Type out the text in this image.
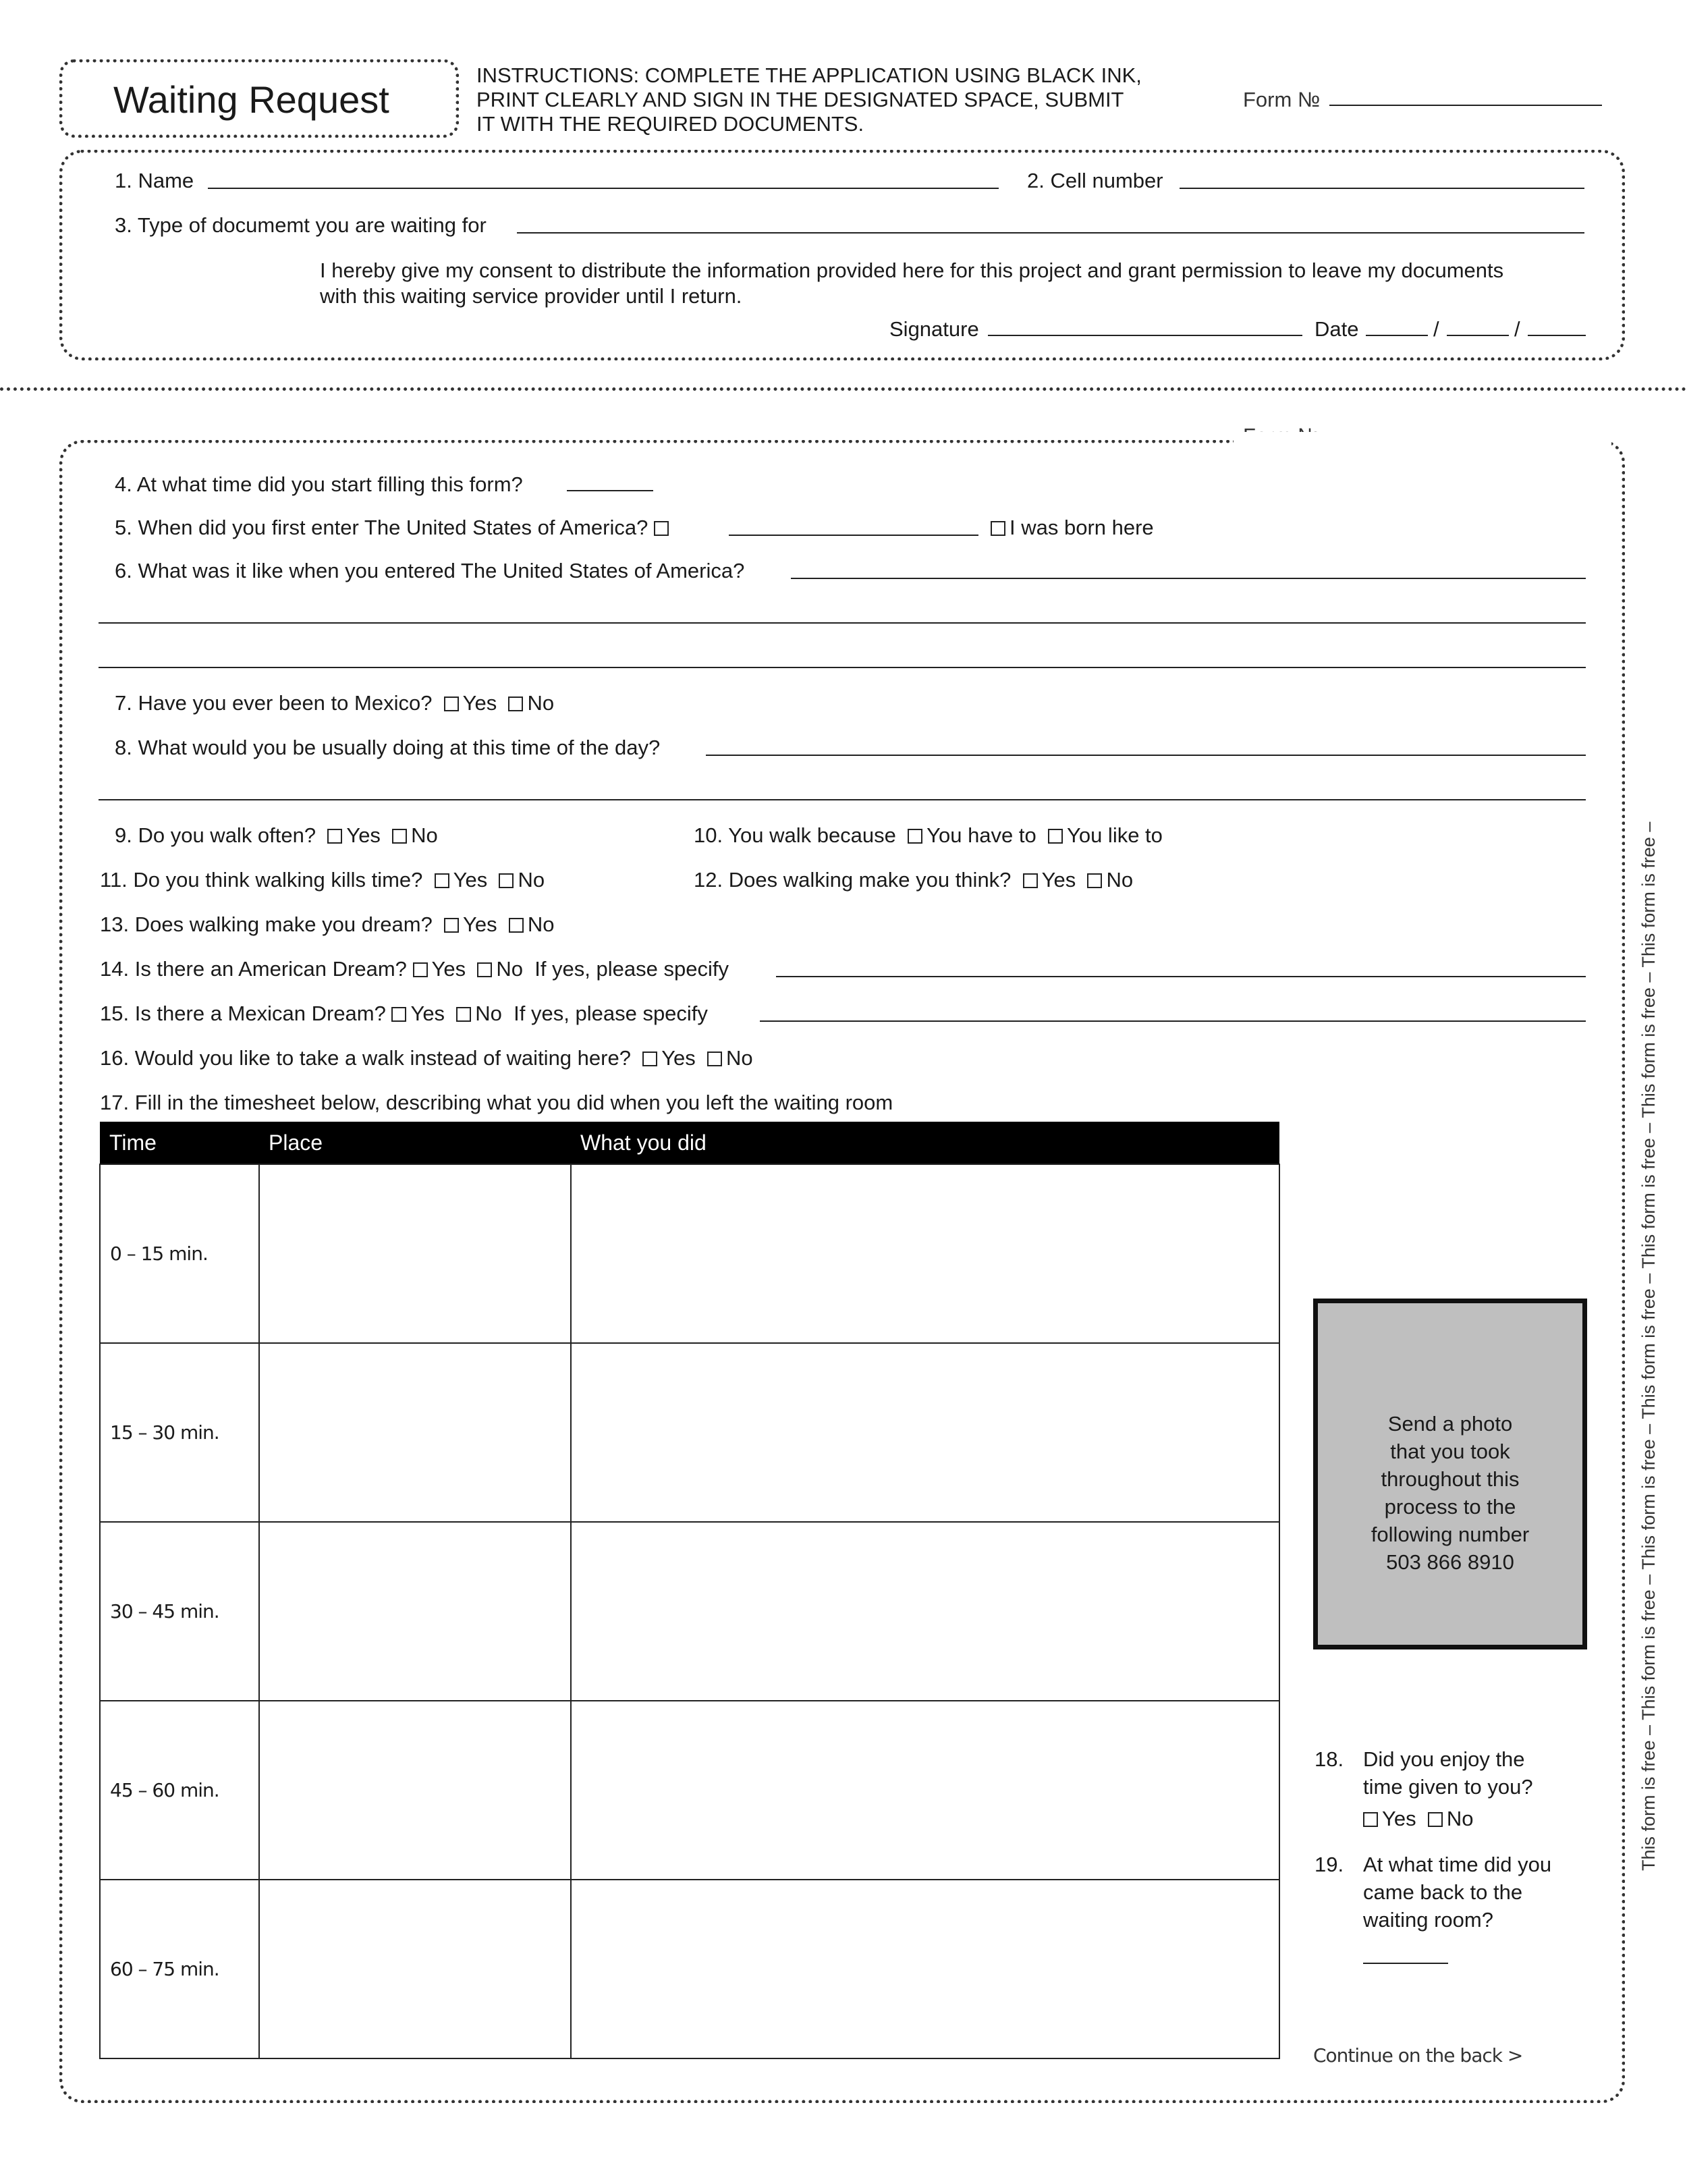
Waiting Request
INSTRUCTIONS: COMPLETE THE APPLICATION USING BLACK INK,
PRINT CLEARLY AND SIGN IN THE DESIGNATED SPACE, SUBMIT
IT WITH THE REQUIRED DOCUMENTS.
Form №
1. Name	2. Cell number
3. Type of documemt you are waiting for
I hereby give my consent to distribute the information provided here for this project and grant permission to leave my documents
with this waiting service provider until I return.
Signature	Date	/	/
4. At what time did you start filling this form?
5. When did you first enter The United States of America?	I was born here
6. What was it like when you entered The United States of America?
7. Have you ever been to Mexico? Yes No
8. What would you be usually doing at this time of the day?
9. Do you walk often? Yes No	10. You walk because You have to You like to
11. Do you think walking kills time? Yes No	12. Does walking make you think? Yes No
13. Does walking make you dream? Yes No
14. Is there an American Dream? Yes No If yes, please specify
15. Is there a Mexican Dream? Yes No If yes, please specify
16. Would you like to take a walk instead of waiting here? Yes No
17. Fill in the timesheet below, describing what you did when you left the waiting room
Time	Place	What you did
0 – 15 min.		
15 – 30 min.		
30 – 45 min.		
45 – 60 min.		
60 – 75 min.		
Send a photo
that you took
throughout this
process to the
following number
503 866 8910
18. Did you enjoy the
time given to you?
Yes No
19. At what time did you
came back to the
waiting room?
Continue on the back >
This form is free – This form is free – This form is free – This form is free – This form is free – This form is free – This form is free –
